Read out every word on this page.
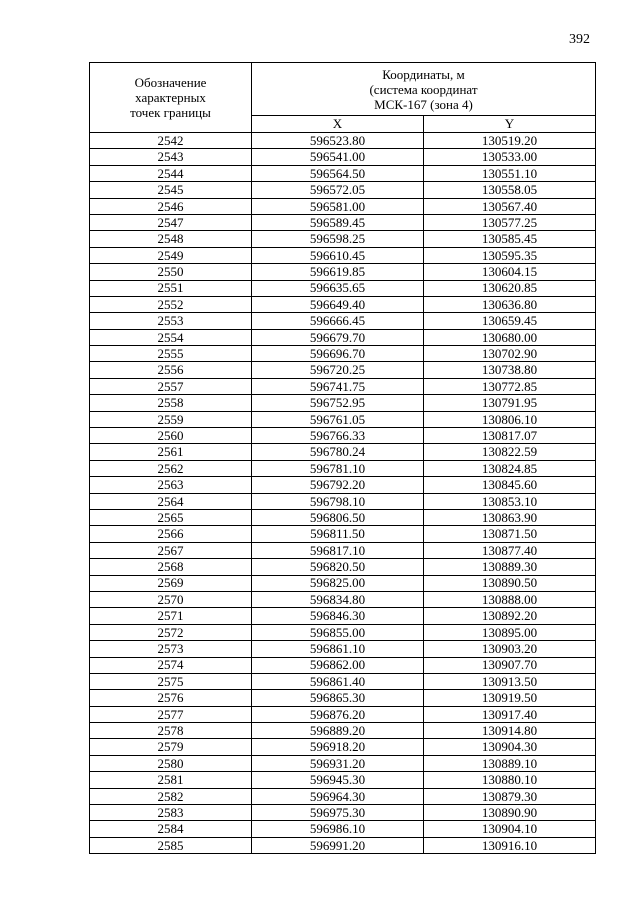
392
Обозначение
характерных
точек границы	Координаты, м
(система координат
МСК-167 (зона 4)	

	X	Y
2542	596523.80	130519.20
2543	596541.00	130533.00
2544	596564.50	130551.10
2545	596572.05	130558.05
2546	596581.00	130567.40
2547	596589.45	130577.25
2548	596598.25	130585.45
2549	596610.45	130595.35
2550	596619.85	130604.15
2551	596635.65	130620.85
2552	596649.40	130636.80
2553	596666.45	130659.45
2554	596679.70	130680.00
2555	596696.70	130702.90
2556	596720.25	130738.80
2557	596741.75	130772.85
2558	596752.95	130791.95
2559	596761.05	130806.10
2560	596766.33	130817.07
2561	596780.24	130822.59
2562	596781.10	130824.85
2563	596792.20	130845.60
2564	596798.10	130853.10
2565	596806.50	130863.90
2566	596811.50	130871.50
2567	596817.10	130877.40
2568	596820.50	130889.30
2569	596825.00	130890.50
2570	596834.80	130888.00
2571	596846.30	130892.20
2572	596855.00	130895.00
2573	596861.10	130903.20
2574	596862.00	130907.70
2575	596861.40	130913.50
2576	596865.30	130919.50
2577	596876.20	130917.40
2578	596889.20	130914.80
2579	596918.20	130904.30
2580	596931.20	130889.10
2581	596945.30	130880.10
2582	596964.30	130879.30
2583	596975.30	130890.90
2584	596986.10	130904.10
2585	596991.20	130916.10
